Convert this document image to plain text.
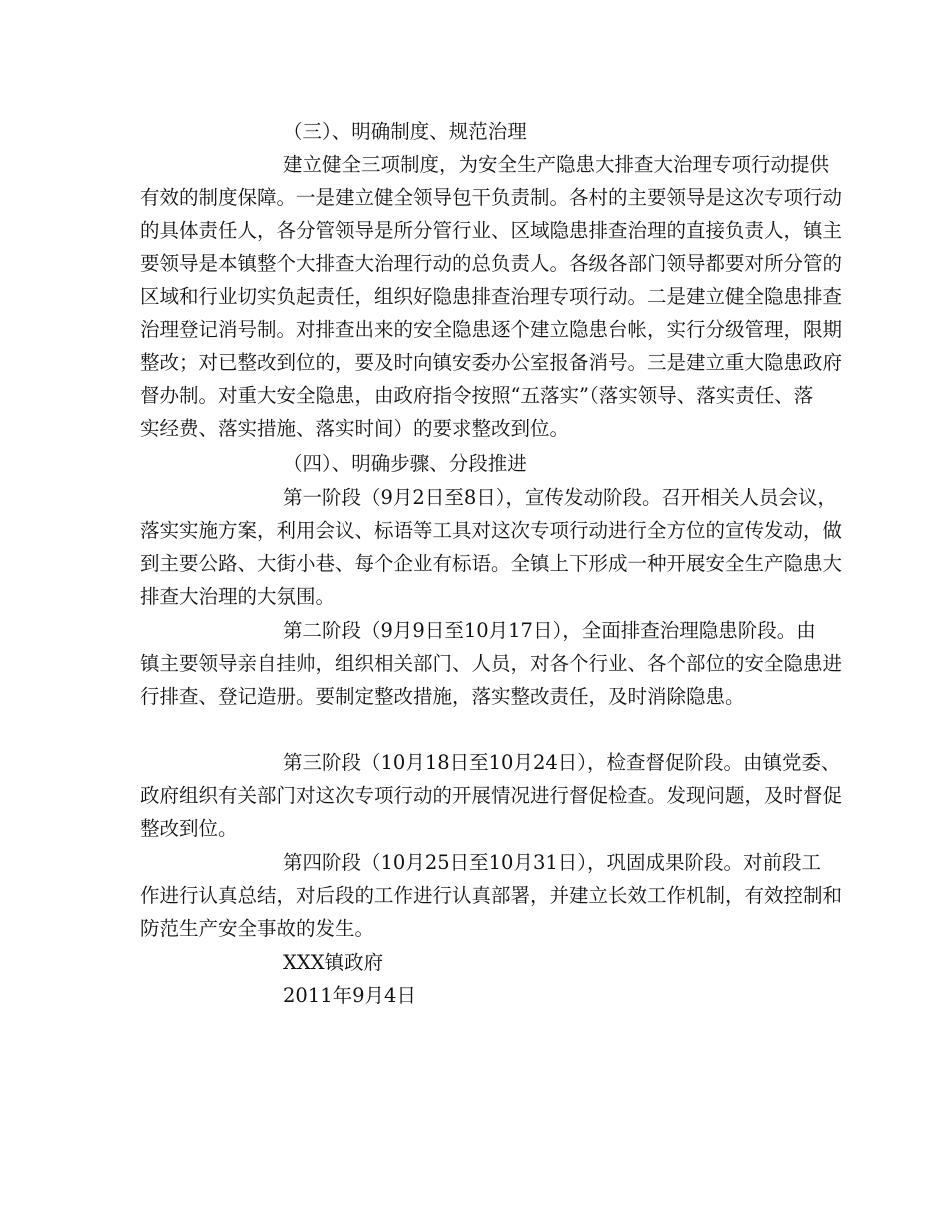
（三）、明确制度、规范治理
建立健全三项制度，为安全生产隐患大排查大治理专项行动提供
有效的制度保障。一是建立健全领导包干负责制。各村的主要领导是这次专项行动
的具体责任人，各分管领导是所分管行业、区域隐患排查治理的直接负责人，镇主
要领导是本镇整个大排查大治理行动的总负责人。各级各部门领导都要对所分管的
区域和行业切实负起责任，组织好隐患排查治理专项行动。二是建立健全隐患排查
治理登记消号制。对排查出来的安全隐患逐个建立隐患台帐，实行分级管理，限期
整改；对已整改到位的，要及时向镇安委办公室报备消号。三是建立重大隐患政府
督办制。对重大安全隐患，由政府指令按照“五落实”（落实领导、落实责任、落
实经费、落实措施、落实时间）的要求整改到位。
（四）、明确步骤、分段推进
第一阶段（9月2日至8日），宣传发动阶段。召开相关人员会议，
落实实施方案，利用会议、标语等工具对这次专项行动进行全方位的宣传发动，做
到主要公路、大街小巷、每个企业有标语。全镇上下形成一种开展安全生产隐患大
排查大治理的大氛围。
第二阶段（9月9日至10月17日），全面排查治理隐患阶段。由
镇主要领导亲自挂帅，组织相关部门、人员，对各个行业、各个部位的安全隐患进
行排查、登记造册。要制定整改措施，落实整改责任，及时消除隐患。
第三阶段（10月18日至10月24日），检查督促阶段。由镇党委、
政府组织有关部门对这次专项行动的开展情况进行督促检查。发现问题，及时督促
整改到位。
第四阶段（10月25日至10月31日），巩固成果阶段。对前段工
作进行认真总结，对后段的工作进行认真部署，并建立长效工作机制，有效控制和
防范生产安全事故的发生。
XXX镇政府
2011年9月4日
